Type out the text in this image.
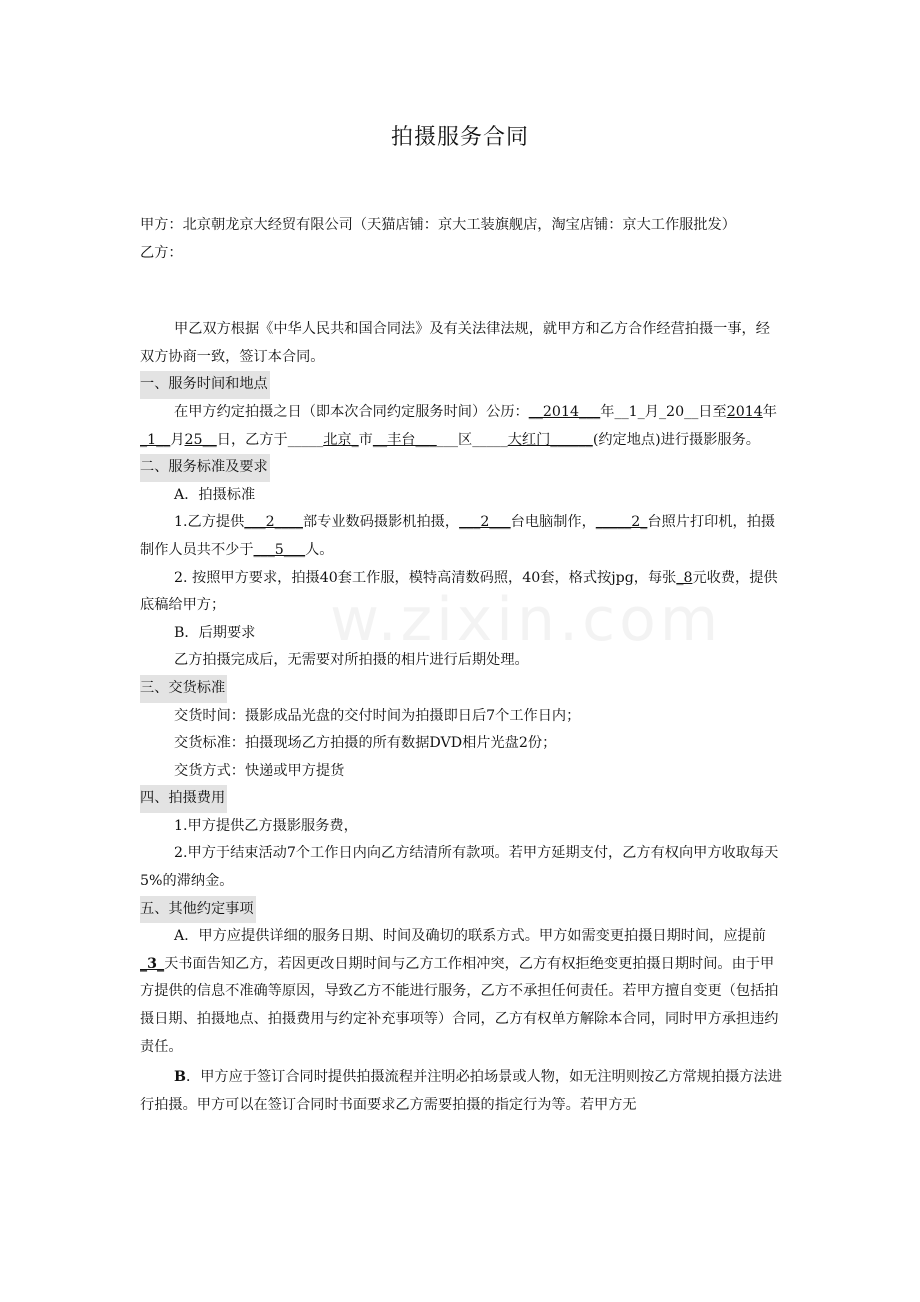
拍摄服务合同

甲方：北京朝龙京大经贸有限公司（天猫店铺：京大工装旗舰店，淘宝店铺：京大工作服批发）

乙方：

甲乙双方根据《中华人民共和国合同法》及有关法律法规，就甲方和乙方合作经营拍摄一事，经双方协商一致，签订本合同。

一、服务时间和地点

在甲方约定拍摄之日（即本次合同约定服务时间）公历：__2014___年__1_月_20__日至2014年_1__月25__日，乙方于_____北京_市__丰台______区_____大红门______(约定地点)进行摄影服务。

二、服务标准及要求

A．拍摄标准

1.乙方提供___2____部专业数码摄影机拍摄，___2___台电脑制作，_____2_台照片打印机，拍摄制作人员共不少于___5___人。

2. 按照甲方要求，拍摄40套工作服，模特高清数码照，40套，格式按jpg，每张_8元收费，提供底稿给甲方；

B．后期要求

乙方拍摄完成后，无需要对所拍摄的相片进行后期处理。

三、交货标准

交货时间：摄影成品光盘的交付时间为拍摄即日后7个工作日内；

交货标准：拍摄现场乙方拍摄的所有数据DVD相片光盘2份；

交货方式：快递或甲方提货

四、拍摄费用

1.甲方提供乙方摄影服务费，

2.甲方于结束活动7个工作日内向乙方结清所有款项。若甲方延期支付，乙方有权向甲方收取每天5%的滞纳金。

五、其他约定事项

A．甲方应提供详细的服务日期、时间及确切的联系方式。甲方如需变更拍摄日期时间，应提前_3_天书面告知乙方，若因更改日期时间与乙方工作相冲突，乙方有权拒绝变更拍摄日期时间。由于甲方提供的信息不准确等原因，导致乙方不能进行服务，乙方不承担任何责任。若甲方擅自变更（包括拍摄日期、拍摄地点、拍摄费用与约定补充事项等）合同，乙方有权单方解除本合同，同时甲方承担违约责任。

B．甲方应于签订合同时提供拍摄流程并注明必拍场景或人物，如无注明则按乙方常规拍摄方法进行拍摄。甲方可以在签订合同时书面要求乙方需要拍摄的指定行为等。若甲方无

w.zixin.com
